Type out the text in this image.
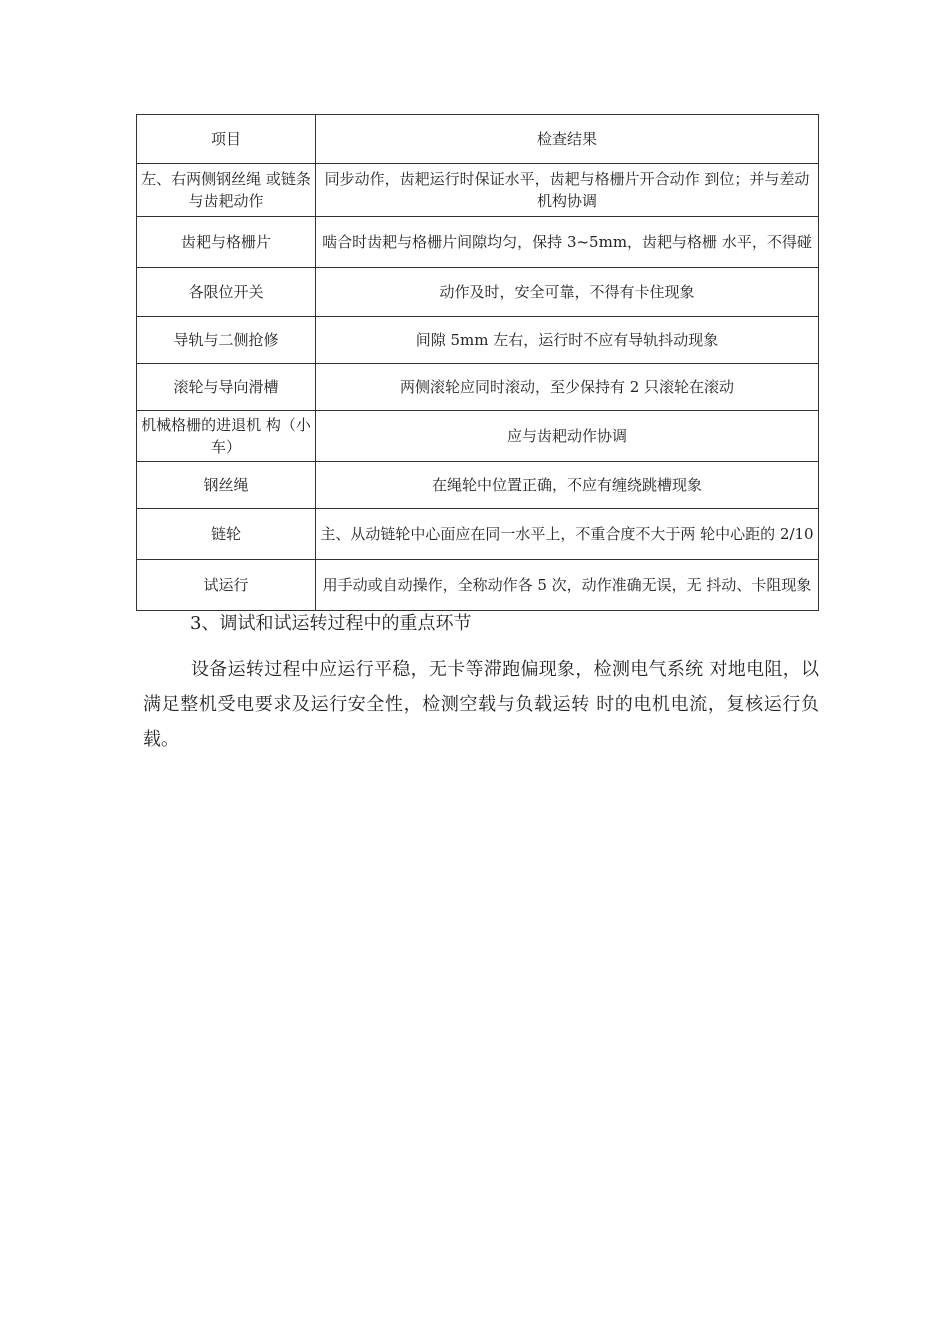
项目	检查结果
左、右两侧钢丝绳 或链条与齿耙动作	同步动作，齿耙运行时保证水平，齿耙与格栅片开合动作 到位；并与差动机构协调
齿耙与格栅片	啮合时齿耙与格栅片间隙均匀，保持 3~5mm，齿耙与格栅 水平，不得碰
各限位开关	动作及时，安全可靠，不得有卡住现象
导轨与二侧抢修	间隙 5mm 左右，运行时不应有导轨抖动现象
滚轮与导向滑槽	两侧滚轮应同时滚动，至少保持有 2 只滚轮在滚动
机械格栅的进退机 构（小车）	应与齿耙动作协调
钢丝绳	在绳轮中位置正确，不应有缠绕跳槽现象
链轮	主、从动链轮中心面应在同一水平上，不重合度不大于两 轮中心距的 2/10
试运行	用手动或自动操作，全称动作各 5 次，动作准确无误，无 抖动、卡阻现象

3、调试和试运转过程中的重点环节

设备运转过程中应运行平稳，无卡等滞跑偏现象，检测电气系统 对地电阻，以满足整机受电要求及运行安全性，检测空载与负载运转 时的电机电流，复核运行负载。
